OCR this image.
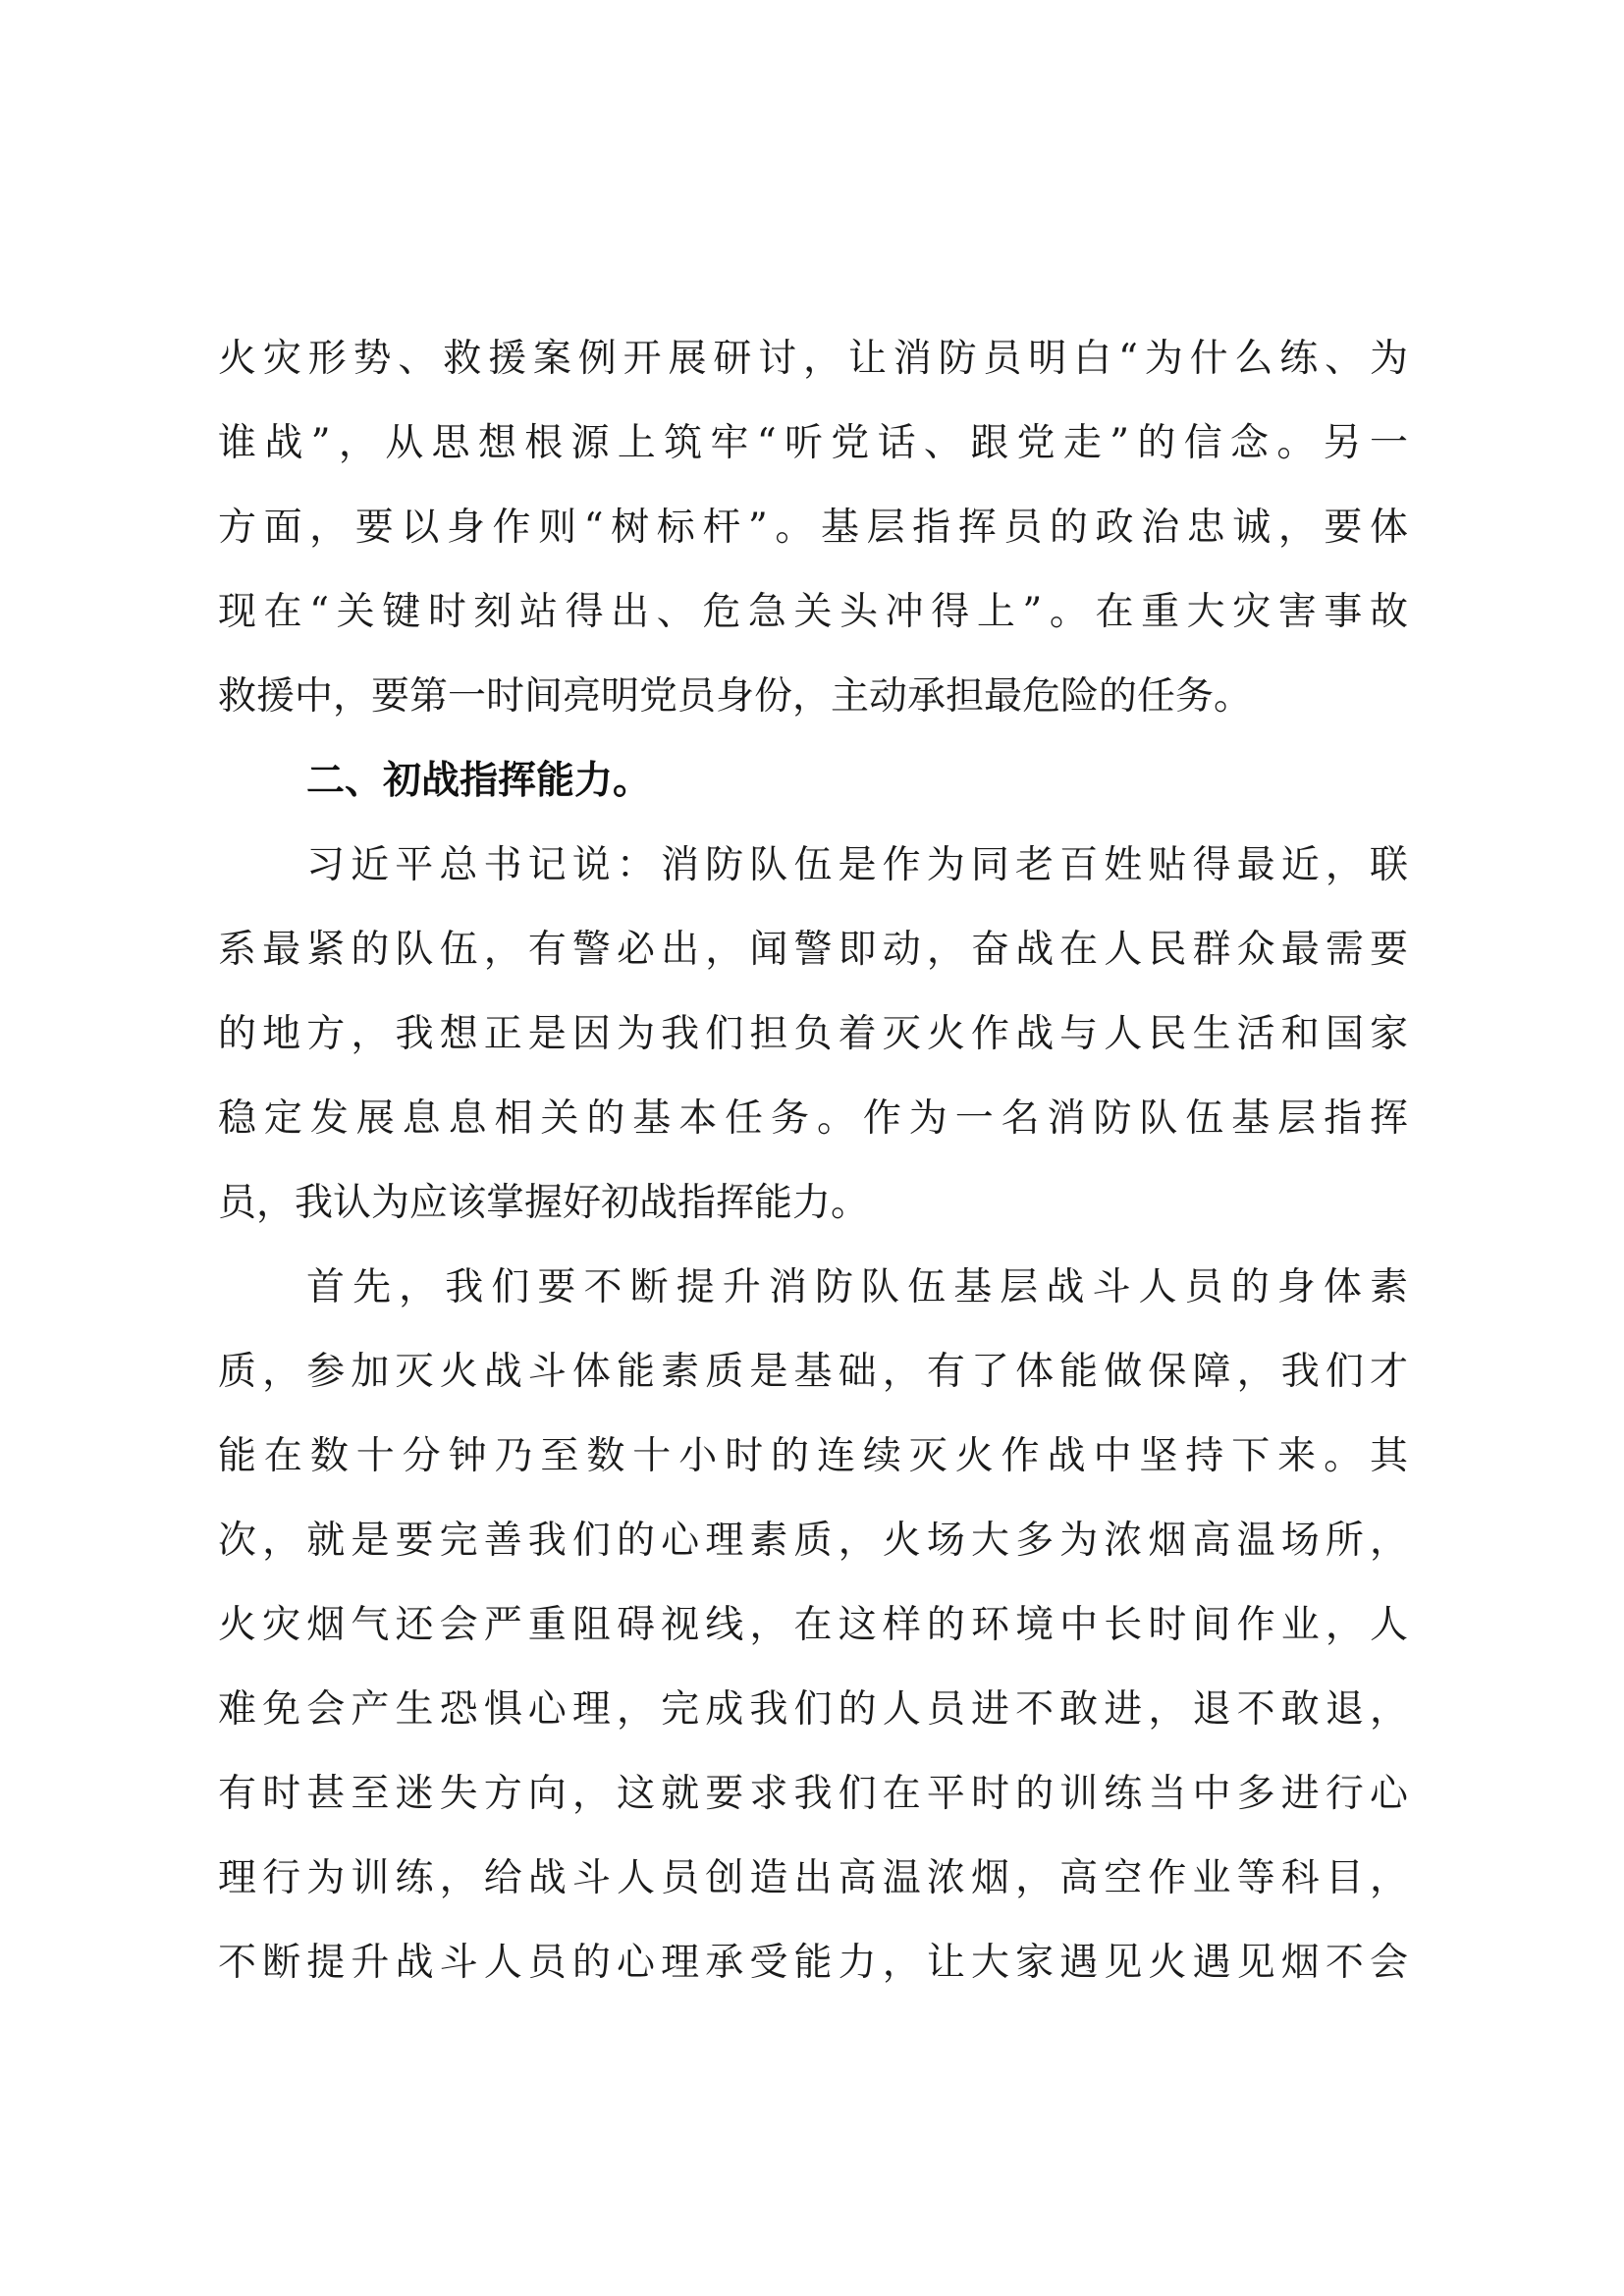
火灾形势、救援案例开展研讨，让消防员明白“为什么练、为
谁战”，从思想根源上筑牢“听党话、跟党走”的信念。另一
方面，要以身作则“树标杆”。基层指挥员的政治忠诚，要体
现在“关键时刻站得出、危急关头冲得上”。在重大灾害事故
救援中，要第一时间亮明党员身份，主动承担最危险的任务。
二、初战指挥能力。
习近平总书记说：消防队伍是作为同老百姓贴得最近，联
系最紧的队伍，有警必出，闻警即动，奋战在人民群众最需要
的地方，我想正是因为我们担负着灭火作战与人民生活和国家
稳定发展息息相关的基本任务。作为一名消防队伍基层指挥
员，我认为应该掌握好初战指挥能力。
首先，我们要不断提升消防队伍基层战斗人员的身体素
质，参加灭火战斗体能素质是基础，有了体能做保障，我们才
能在数十分钟乃至数十小时的连续灭火作战中坚持下来。其
次，就是要完善我们的心理素质，火场大多为浓烟高温场所，
火灾烟气还会严重阻碍视线，在这样的环境中长时间作业，人
难免会产生恐惧心理，完成我们的人员进不敢进，退不敢退，
有时甚至迷失方向，这就要求我们在平时的训练当中多进行心
理行为训练，给战斗人员创造出高温浓烟，高空作业等科目，
不断提升战斗人员的心理承受能力，让大家遇见火遇见烟不会
